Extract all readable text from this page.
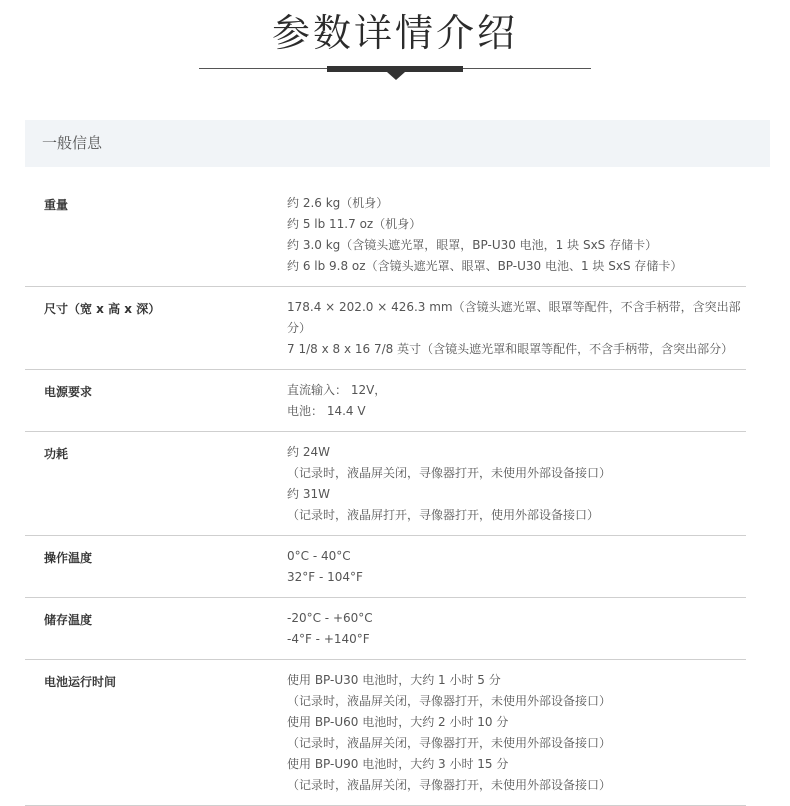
参数详情介绍
一般信息
重量	约 2.6 kg（机身）
约 5 lb 11.7 oz（机身）
约 3.0 kg（含镜头遮光罩，眼罩，BP-U30 电池，1 块 SxS 存储卡）
约 6 lb 9.8 oz（含镜头遮光罩、眼罩、BP-U30 电池、1 块 SxS 存储卡）
尺寸（宽 x 高 x 深）	178.4 × 202.0 × 426.3 mm（含镜头遮光罩、眼罩等配件，不含手柄带，含突出部分）
7 1/8 x 8 x 16 7/8 英寸（含镜头遮光罩和眼罩等配件，不含手柄带，含突出部分）
电源要求	直流输入： 12V，
电池： 14.4 V
功耗	约 24W
（记录时，液晶屏关闭，寻像器打开，未使用外部设备接口）
约 31W
（记录时，液晶屏打开，寻像器打开，使用外部设备接口）
操作温度	0°C - 40°C
32°F - 104°F
储存温度	-20°C - +60°C
-4°F - +140°F
电池运行时间	使用 BP-U30 电池时，大约 1 小时 5 分
（记录时，液晶屏关闭，寻像器打开，未使用外部设备接口）
使用 BP-U60 电池时，大约 2 小时 10 分
（记录时，液晶屏关闭，寻像器打开，未使用外部设备接口）
使用 BP-U90 电池时，大约 3 小时 15 分
（记录时，液晶屏关闭，寻像器打开，未使用外部设备接口）
